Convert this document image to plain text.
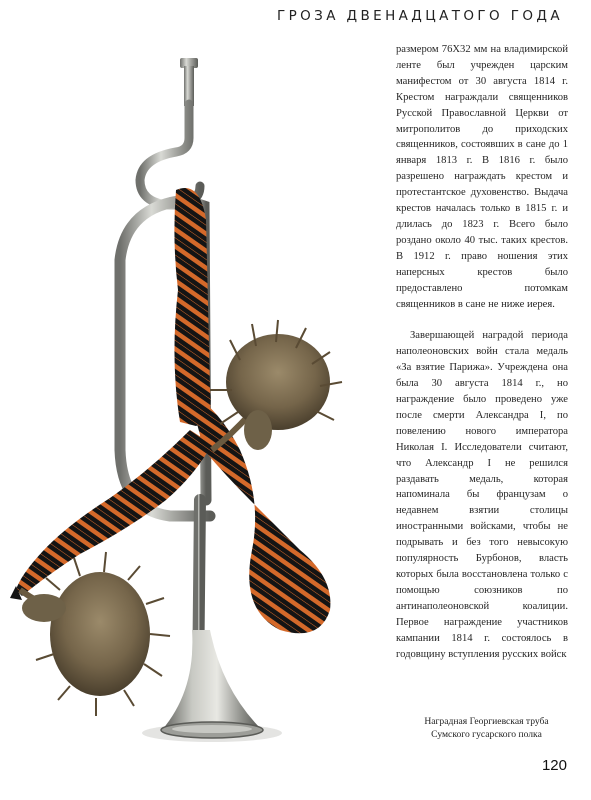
ГРОЗА ДВЕНАДЦАТОГО ГОДА

размером 76Х32 мм на владимирской ленте был учрежден царским манифестом от 30 августа 1814 г. Крестом награждали священников Русской Православной Церкви от митрополитов до приходских священников, состоявших в сане до 1 января 1813 г. В 1816 г. было разрешено награждать крестом и протестантское духовенство. Выдача крестов началась только в 1815 г. и длилась до 1823 г. Всего было роздано около 40 тыс. таких крестов. В 1912 г. право ношения этих наперсных крестов было предоставлено потомкам священников в сане не ниже иерея.

Завершающей наградой периода наполеоновских войн стала медаль «За взятие Парижа». Учреждена она была 30 августа 1814 г., но награждение было проведено уже после смерти Александра I, по повелению нового императора Николая I. Исследователи считают, что Александр I не решился раздавать медаль, которая напоминала бы французам о недавнем взятии столицы иностранными войсками, чтобы не подрывать и без того невысокую популярность Бурбонов, власть которых была восстановлена только с помощью союзников по антинаполеоновской коалиции. Первое награждение участников кампании 1814 г. состоялось в годовщину вступления русских войск

Наградная Георгиевская труба
Сумского гусарского полка
120
